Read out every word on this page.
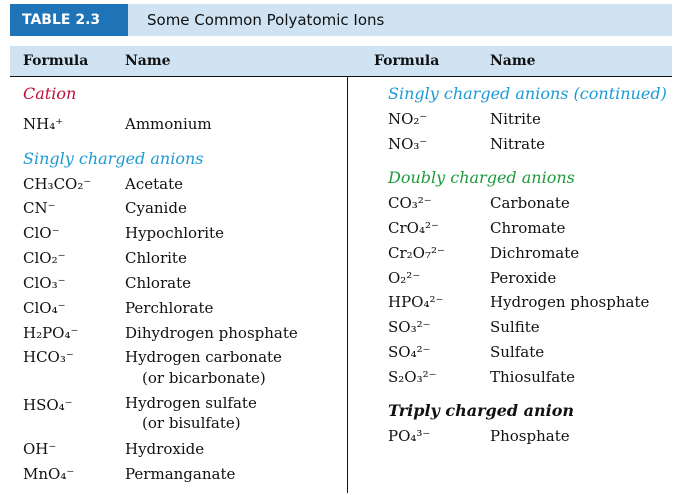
TABLE 2.3	Some Common Polyatomic Ions
Formula	Name	Formula	Name
Cation
NH₄⁺	Ammonium
Singly charged anions
CH₃CO₂⁻ Acetate
CN⁻	Cyanide
ClO⁻	Hypochlorite
ClO₂⁻	Chlorite
ClO₃⁻	Chlorate
ClO₄⁻	Perchlorate
H₂PO₄⁻	Dihydrogen phosphate
HCO₃⁻	Hydrogen carbonate
(or bicarbonate)
HSO₄⁻	Hydrogen sulfate
(or bisulfate)
OH⁻	Hydroxide
MnO₄⁻	Permanganate
Singly charged anions (continued)
NO₂⁻	Nitrite
NO₃⁻	Nitrate
Doubly charged anions
CO₃²⁻	Carbonate
CrO₄²⁻	Chromate
Cr₂O₇²⁻	Dichromate
O₂²⁻	Peroxide
HPO₄²⁻	Hydrogen phosphate
SO₃²⁻	Sulfite
SO₄²⁻	Sulfate
S₂O₃²⁻	Thiosulfate
Triply charged anion
PO₄³⁻	Phosphate
